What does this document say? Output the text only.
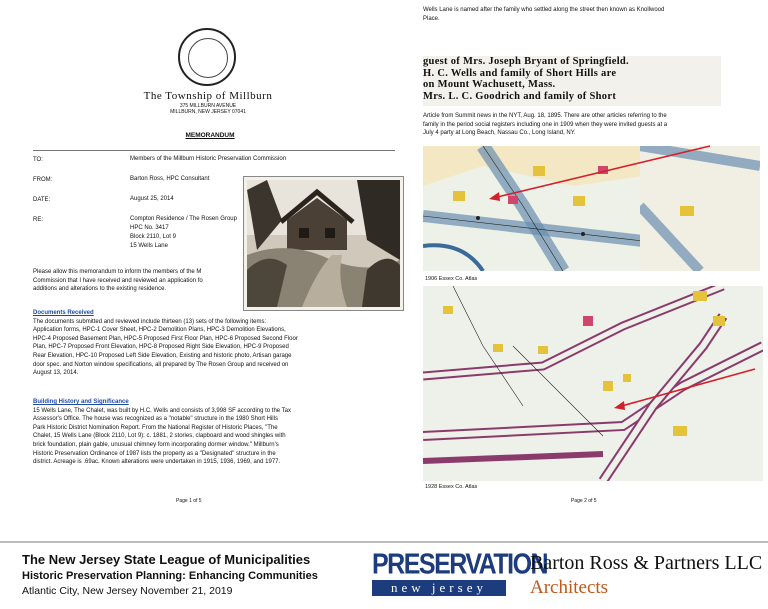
The Township of Millburn
375 MILLBURN AVENUE
MILLBURN, NEW JERSEY 07041
MEMORANDUM
TO:	Members of the Millburn Historic Preservation Commission
FROM:	Barton Ross, HPC Consultant
DATE:	August 25, 2014
RE:	Compton Residence / The Rosen Group
HPC No. 3417
Block 2110, Lot 9
15 Wells Lane
Please allow this memorandum to inform the members of the M
Commission that I have received and reviewed an application fo
additions and alterations to the existing residence.
Documents Received
The documents submitted and reviewed include thirteen (13) sets of the following items:
Application forms, HPC-1 Cover Sheet, HPC-2 Demolition Plans, HPC-3 Demolition Elevations,
HPC-4 Proposed Basement Plan, HPC-5 Proposed First Floor Plan, HPC-6 Proposed Second Floor
Plan, HPC-7 Proposed Front Elevation, HPC-8 Proposed Right Side Elevation, HPC-9 Proposed
Rear Elevation, HPC-10 Proposed Left Side Elevation, Existing and historic photo, Artisan garage
door spec. and Norton window specifications, all prepared by The Rosen Group and received on
August 13, 2014.
Building History and Significance
15 Wells Lane, The Chalet, was built by H.C. Wells and consists of 3,998 SF according to the Tax
Assessor's Office. The house was recognized as a "notable" structure in the 1980 Short Hills
Park Historic District Nomination Report. From the National Register of Historic Places, "The
Chalet, 15 Wells Lane (Block 2110, Lot 9): c. 1881, 2 stories, clapboard and wood shingles with
brick foundation, plain gable, unusual chimney form incorporating dormer window." Millburn's
Historic Preservation Ordinance of 1987 lists the property as a "Designated" structure in the
district. Acreage is .69ac. Known alterations were undertaken in 1915, 1936, 1969, and 1977.
Page 1 of 5
Wells Lane is named after the family who settled along the street then known as Knollwood
Place.
guest of Mrs. Joseph Bryant of Springfield.
H. C. Wells and family of Short Hills are
on Mount Wachusett, Mass.
Mrs. L. C. Goodrich and family of Short
Article from Summit news in the NYT, Aug. 18, 1895. There are other articles referring to the
family in the period social registers including one in 1909 when they were invited guests at a
July 4 party at Long Beach, Nassau Co., Long Island, NY.
1906 Essex Co. Atlas
1928 Essex Co. Atlas
Page 2 of 5
The New Jersey State League of Municipalities
Historic Preservation Planning: Enhancing Communities
Atlantic City, New Jersey November 21, 2019
PRESERVATION
new jersey
Barton Ross & Partners LLC
Architects
